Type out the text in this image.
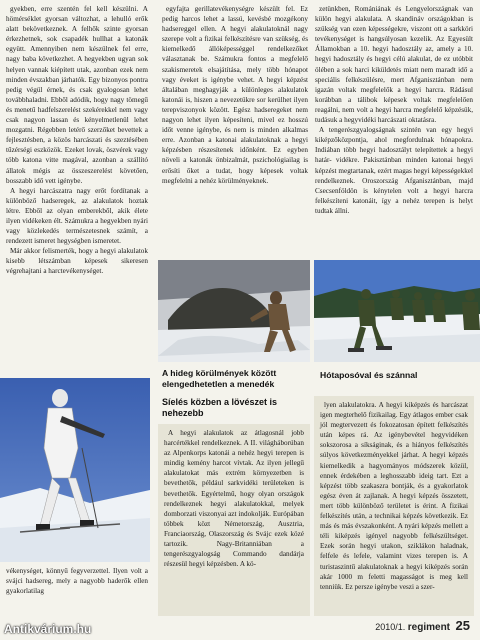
gyekben, erre szentén fel kell készülni. A hömérséklet gyorsan változhat, a lehulló erők alatt bekövetkeznek. A felhők szinte gyorsan érkezhetnek, sok csapadék hullhat a katonák együtt. Amennyiben nem készülnek fel erre, nagy baba következhet. A hegyekben ugyan sok helyen vannak kiépített utak, azonban ezek nem minden évszakban járhatók. Egy bizonyos pontra pedig végül érnek, és csak gyalogosan lehet továbbhaladni. Ebből adódik, hogy nagy tömegű és menetű hadfelszerelést szekérekkel nem vagy csak nagyon lassan és kényelmetlenül lehet mozgatni. Régebben letérő szerzőket bevettek a fejlesztésben, a közös harcászati és szeztésében tűzérségi eszközök. Ezeket lovak, öszvérek vagy több katona vitte magával, azonban a szállító állatok mégis az összeszerelést követően, bosszabb idő vett igénybe.

A hegyi harcászatra nagy erőt fordítanak a különböző hadseregek, az alakulatok hoztak létre. Ebből az olyan emberekből, akik élete ilyen vidékeken élt. Számukra a hegyekben nyári vagy közlekedés természetesnek számít, a rendezett ismeret hegységben ismeretet.

Már akkor felismerték, hogy a hegyi alakulatok kisebb létszámban képesek sikeresen végrehajtani a harctevékenységet.

egyfajta gerillatevékenységre készült fel. Ez pedig harcos lehet a lassú, kevésbé mozgékony hadsereggel ellen. A hegyi alakulatoknál nagy szerepe volt a fizikai felkészítésre van szükség, és kiemelkedő állóképességgel rendelkezőket választanak be. Számukra fontos a megfelelő szakismeretek elsajátítása, mely több hónapot vagy éveket is igénybe vehet. A hegyi képzést általában meghagyják a különleges alakulatok katonái is, hiszen a nevezetükre sor kerülhet ilyen terepviszonyok között. Egész hadseregeket nem nagyon lehet ilyen képesíteni, mivel ez hosszú időt venne igénybe, és nem is minden alkalmas erre. Azonban a katonai alakulatoknak a hegyi képzésben részesítenek időnként. Ez egyben növeli a katonák önbizalmát, pszichológiailag is erősíti őket a tudat, hogy képesek voltak megfelelni a nehéz körülményeknek.

zetünkben, Romániának és Lengyelországnak van külön hegyi alakulata. A skandináv országokban is szükség van ezen képességekre, viszont ott a sarkköri tevékenységet is hangsúlyosan kezelik. Az Egyesült Államokban a 10. hegyi hadosztály az, amely a 10. hegyi hadosztály és hegyi célú alakulat, de ez utóbbit ölében a sok harci kiküldetés miatt nem maradt idő a speciális felkészülésre, mert Afganisztánban nem igazán voltak megfelelők a hegyi harcra. Rádásul korábban a tálibok képesek voltak megfelelően reagálni, nem volt a hegyi harcra megfelelő képzésük, tudásuk a hegyvidéki harcászati oktatásra.

A tengerészgyalogságnak szintén van egy hegyi kiképzőközpontja, ahol megfordulnak hónapokra. Indiában több hegyi hadosztályt telepítettek a hegyi határ- vidékre. Pakisztánban minden katonai hegyi képzést megtartanak, ezért magas hegyi képességekkel rendelkeznek. Oroszország Afganisztánban, majd Csecsenföldön is kénytelen volt a hegyi harcra felkészíteni katonáit, így a nehéz terepen is helyt tudtak állni.

vékenységet, könnyű fegyverzettel. Ilyen volt a svájci hadsereg, mely a nagyobb haderők ellen gyakorlatilag

A hideg körülmények között elengedhetetlen a menedék
Hótaposóval és szánnal
Síelés közben a lövészet is nehezebb

A hegyi alakulatok az átlagosnál jobb harcértékkel rendelkeznek. A II. világháborúban az Alpenkorps katonái a nehéz hegyi terepen is mindig kemény harcot vívtak. Az ilyen jellegű alakulatokat más extrém környezetben is bevethetők, például sarkvidéki területeken is bevethetők. Egyértelmű, hogy olyan országok rendelkeznek hegyi alakulatokkal, melyek domborzati viszonyai azt indokolják. Európában többek közt Németország, Ausztria, Franciaország, Olaszország és Svájc ezek közé tartozik. Nagy-Britanniában a tengerészgyalogság Commando dandárja részesül hegyi képzésben. A kö-

lyen alakulatokra. A hegyi kiképzés és harcászat igen megterhelő fizikailag. Egy átlagos ember csak jól megtervezett és fokozatosan épített felkészítés után képes rá. Az igénybevétel hegyvidéken sokszorosa a síkságinak, és a hiányos felkészítés súlyos következményekkel járhat. A hegyi képzés kiemelkedik a hagyományos módszerek közül, ennek érdekében a leghosszabb ideig tart. Ezt a képzést több szakaszra bontják, és a gyakorlatok egész éven át zajlanak. A hegyi képzés összetett, mert több különböző területet is érint. A fizikai felkészítés után, a technikai képzés következik. Ez más és más évszakonként. A nyári képzés mellett a téli kiképzés igényel nagyobb felkészültséget. Ezek során hegyi utakon, sziklákon haladnak, felfele és lefele, valamint vizes terepen is. A turistaszintű alakulatoknak a hegyi kiképzés során akár 1000 m feletti magasságot is meg kell tenniük. Ez persze igénybe veszi a szer-

2010/1. regiment 25
Antikvárium.hu
